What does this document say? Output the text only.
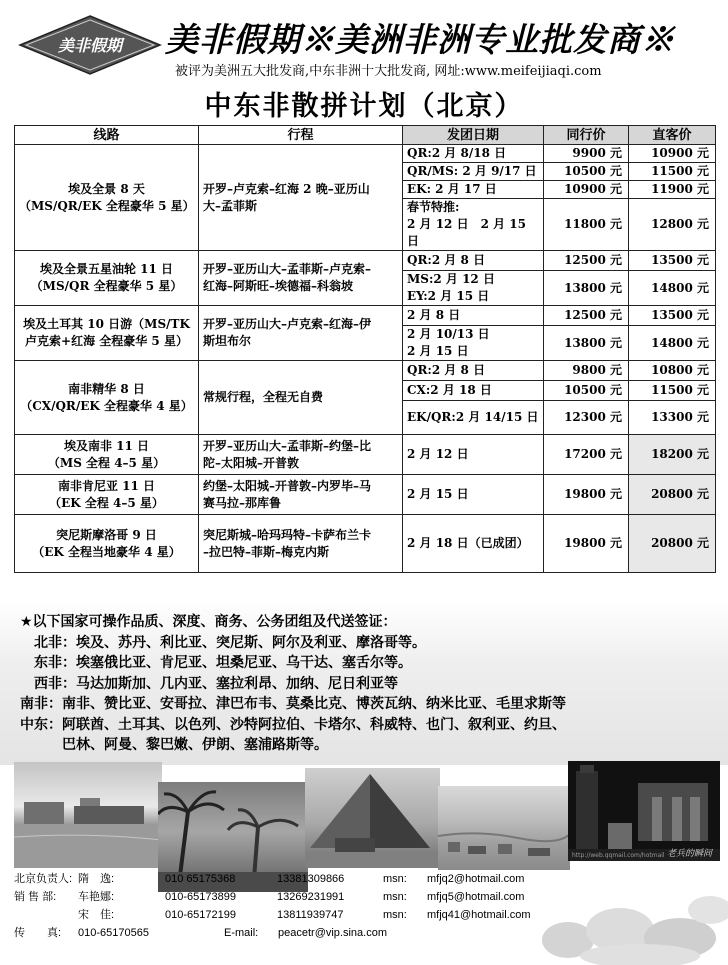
美非假期 美非假期※美洲非洲专业批发商※
被评为美洲五大批发商,中东非洲十大批发商, 网址:www.meifeijiaqi.com
中东非散拼计划（北京）
线路	行程	发团日期	同行价	直客价
埃及全景 8 天
（MS/QR/EK 全程豪华 5 星）	开罗–卢克索–红海 2 晚–亚历山
大–孟菲斯	QR:2 月 8/18 日	9900 元	10900 元
		QR/MS: 2 月 9/17 日	10500 元	11500 元
		EK: 2 月 17 日	10900 元	11900 元
		春节特推:
2 月 12 日　2 月 15 日	11800 元	12800 元
埃及全景五星油轮 11 日
（MS/QR 全程豪华 5 星）	开罗–亚历山大–孟菲斯–卢克索–
红海–阿斯旺–埃德福–科翁坡	QR:2 月 8 日	12500 元	13500 元
		MS:2 月 12 日
EY:2 月 15 日	13800 元	14800 元
埃及土耳其 10 日游（MS/TK
卢克索+红海 全程豪华 5 星）	开罗–亚历山大–卢克索–红海–伊
斯坦布尔	2 月 8 日	12500 元	13500 元
		2 月 10/13 日
2 月 15 日	13800 元	14800 元
南非精华 8 日
（CX/QR/EK 全程豪华 4 星）	常规行程，全程无自费	QR:2 月 8 日	9800 元	10800 元
		CX:2 月 18 日	10500 元	11500 元
		EK/QR:2 月 14/15 日	12300 元	13300 元
埃及南非 11 日
（MS 全程 4–5 星）	开罗–亚历山大–孟菲斯–约堡–比
陀–太阳城–开普敦	2 月 12 日	17200 元	18200 元
南非肯尼亚 11 日
（EK 全程 4–5 星）	约堡–太阳城–开普敦–内罗毕–马
赛马拉–那库鲁	2 月 15 日	19800 元	20800 元
突尼斯摩洛哥 9 日
（EK 全程当地豪华 4 星）	突尼斯城–哈玛玛特–卡萨布兰卡
–拉巴特–菲斯–梅克内斯	2 月 18 日（已成团）	19800 元	20800 元
★以下国家可操作品质、深度、商务、公务团组及代送签证：
　北非：埃及、苏丹、利比亚、突尼斯、阿尔及利亚、摩洛哥等。
　东非：埃塞俄比亚、肯尼亚、坦桑尼亚、乌干达、塞舌尔等。
　西非：马达加斯加、几内亚、塞拉利昂、加纳、尼日利亚等
南非：南非、赞比亚、安哥拉、津巴布韦、莫桑比克、博茨瓦纳、纳米比亚、毛里求斯等
中东：阿联酋、土耳其、以色列、沙特阿拉伯、卡塔尔、科威特、也门、叙利亚、约旦、
　　　巴林、阿曼、黎巴嫩、伊朗、塞浦路斯等。
老兵的瞬间
http://web.qqmail.com/hotmail
北京负责人: 隋　逸:	010 65175368	13381309866	msn: mfjq2@hotmail.com
销 售 部: 车艳娜:	010-65173899	13269231991	msn: mfjq5@hotmail.com
宋　佳:	010-65172199	13811939747	msn: mfjq41@hotmail.com
传　　真: 010-65170565	E-mail: peacetr@vip.sina.com
